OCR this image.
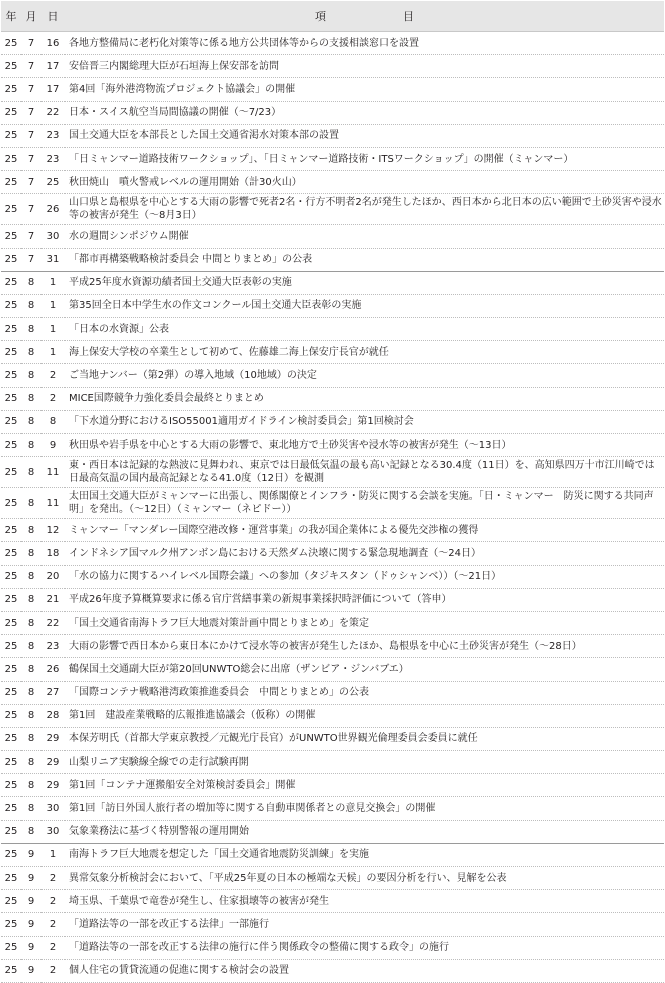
年	月	日	項　　　　　　　目
25	7	16	各地方整備局に老朽化対策等に係る地方公共団体等からの支援相談窓口を設置
25	7	17	安倍晋三内閣総理大臣が石垣海上保安部を訪問
25	7	17	第4回「海外港湾物流プロジェクト協議会」の開催
25	7	22	日本・スイス航空当局間協議の開催（〜7/23）
25	7	23	国土交通大臣を本部長とした国土交通省渇水対策本部の設置
25	7	23	「日ミャンマー道路技術ワークショップ」、「日ミャンマー道路技術・ITSワークショップ」の開催（ミャンマー）
25	7	25	秋田焼山　噴火警戒レベルの運用開始（計30火山）
25	7	26	山口県と島根県を中心とする大雨の影響で死者2名・行方不明者2名が発生したほか、西日本から北日本の広い範囲で土砂災害や浸水等の被害が発生（〜8月3日）
25	7	30	水の週間シンポジウム開催
25	7	31	「都市再構築戦略検討委員会 中間とりまとめ」の公表
25	8	1	平成25年度水資源功績者国土交通大臣表彰の実施
25	8	1	第35回全日本中学生水の作文コンクール国土交通大臣表彰の実施
25	8	1	「日本の水資源」公表
25	8	1	海上保安大学校の卒業生として初めて、佐藤雄二海上保安庁長官が就任
25	8	2	ご当地ナンバー（第2弾）の導入地域（10地域）の決定
25	8	2	MICE国際競争力強化委員会最終とりまとめ
25	8	8	「下水道分野におけるISO55001適用ガイドライン検討委員会」第1回検討会
25	8	9	秋田県や岩手県を中心とする大雨の影響で、東北地方で土砂災害や浸水等の被害が発生（〜13日）
25	8	11	東・西日本は記録的な熱波に見舞われ、東京では日最低気温の最も高い記録となる30.4度（11日）を、高知県四万十市江川崎では日最高気温の国内最高記録となる41.0度（12日）を観測
25	8	11	太田国土交通大臣がミャンマーに出張し、関係閣僚とインフラ・防災に関する会談を実施。「日・ミャンマー　防災に関する共同声明」を発出。（〜12日）（ミャンマー（ネピドー））
25	8	12	ミャンマー「マンダレー国際空港改修・運営事業」の我が国企業体による優先交渉権の獲得
25	8	18	インドネシア国マルク州アンボン島における天然ダム決壊に関する緊急現地調査（〜24日）
25	8	20	「水の協力に関するハイレベル国際会議」への参加（タジキスタン（ドゥシャンベ））（〜21日）
25	8	21	平成26年度予算概算要求に係る官庁営繕事業の新規事業採択時評価について（答申）
25	8	22	「国土交通省南海トラフ巨大地震対策計画中間とりまとめ」を策定
25	8	23	大雨の影響で西日本から東日本にかけて浸水等の被害が発生したほか、島根県を中心に土砂災害が発生（〜28日）
25	8	26	鶴保国土交通副大臣が第20回UNWTO総会に出席（ザンビア・ジンバブエ）
25	8	27	「国際コンテナ戦略港湾政策推進委員会　中間とりまとめ」の公表
25	8	28	第1回　建設産業戦略的広報推進協議会（仮称）の開催
25	8	29	本保芳明氏（首都大学東京教授／元観光庁長官）がUNWTO世界観光倫理委員会委員に就任
25	8	29	山梨リニア実験線全線での走行試験再開
25	8	29	第1回「コンテナ運搬船安全対策検討委員会」開催
25	8	30	第1回「訪日外国人旅行者の増加等に関する自動車関係者との意見交換会」の開催
25	8	30	気象業務法に基づく特別警報の運用開始
25	9	1	南海トラフ巨大地震を想定した「国土交通省地震防災訓練」を実施
25	9	2	異常気象分析検討会において、「平成25年夏の日本の極端な天候」の要因分析を行い、見解を公表
25	9	2	埼玉県、千葉県で竜巻が発生し、住家損壊等の被害が発生
25	9	2	「道路法等の一部を改正する法律」一部施行
25	9	2	「道路法等の一部を改正する法律の施行に伴う関係政令の整備に関する政令」の施行
25	9	2	個人住宅の賃貸流通の促進に関する検討会の設置
